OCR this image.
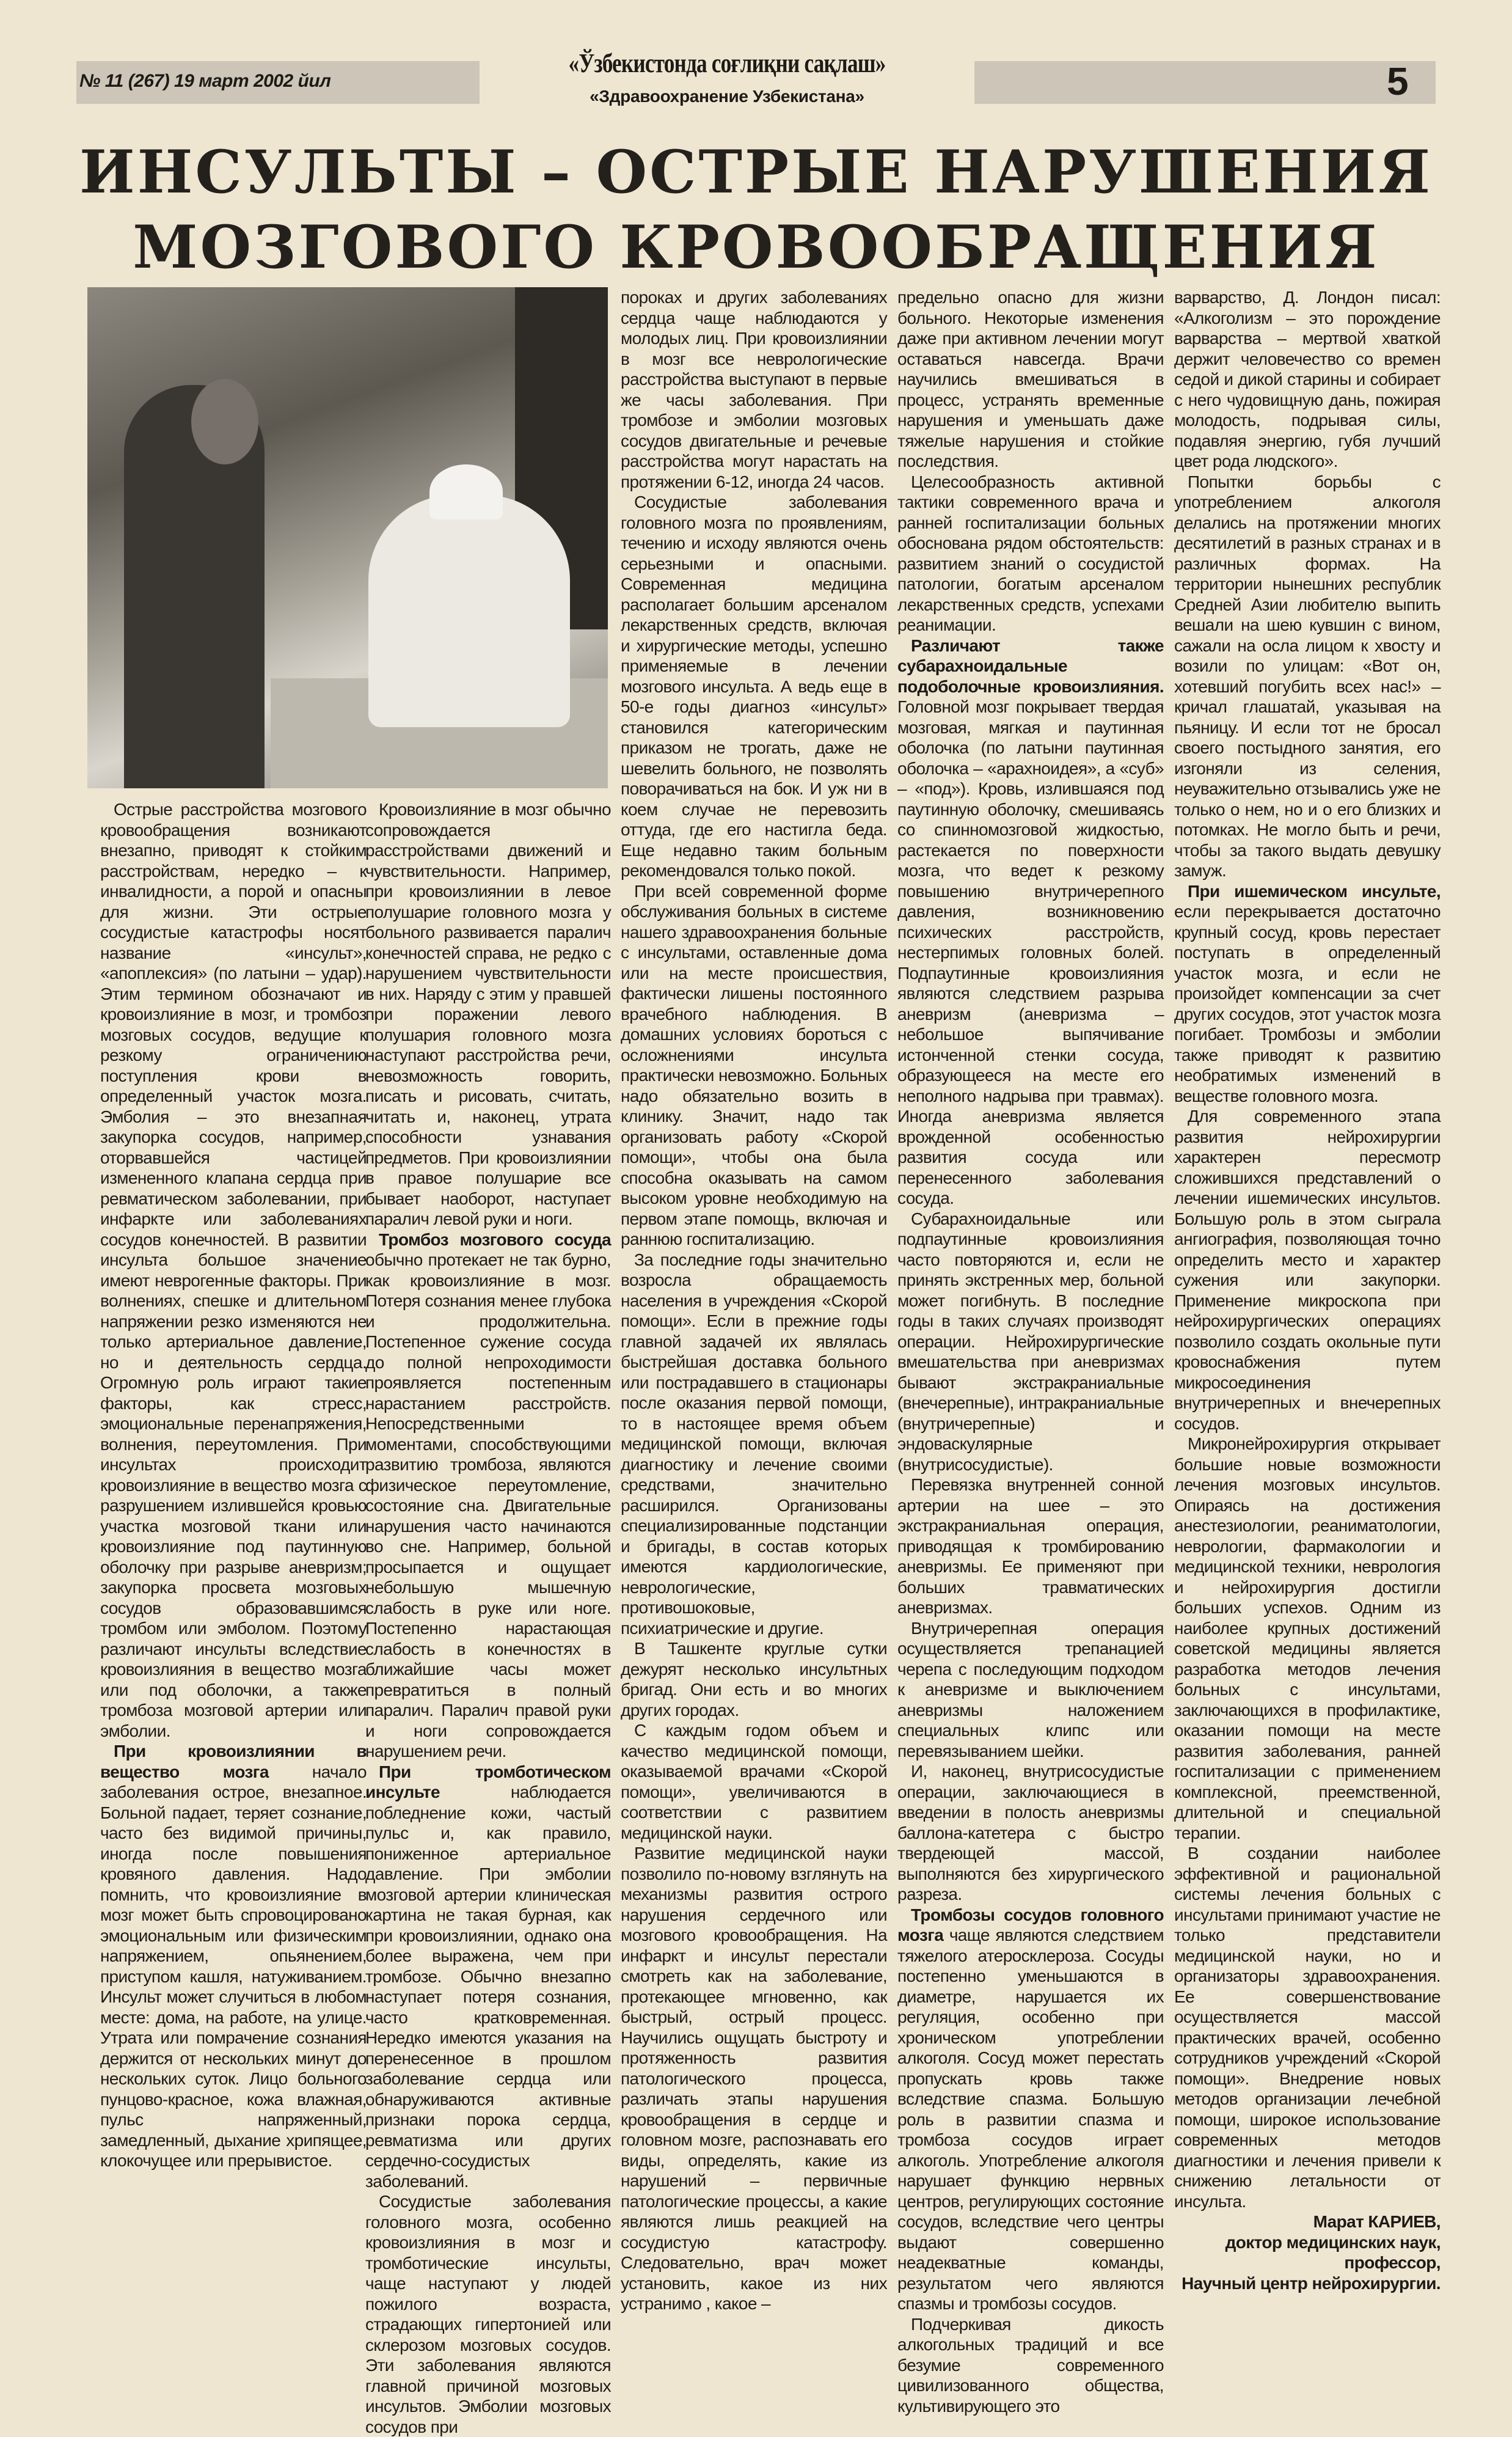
№ 11 (267) 19 март 2002 йил
«Ўзбекистонда соғлиқни сақлаш»
«Здравоохранение Узбекистана»	5
ИНСУЛЬТЫ – ОСТРЫЕ НАРУШЕНИЯ
МОЗГОВОГО КРОВООБРАЩЕНИЯ

Острые расстройства мозгового кровообращения возникают внезапно, приводят к стойким расстройствам, нередко – к инвалидности, а порой и опасны для жизни. Эти острые сосудистые катастрофы носят название «инсульт», «апоплексия» (по латыни – удар). Этим термином обозначают и кровоизлияние в мозг, и тромбоз мозговых сосудов, ведущие к резкому ограничению поступления крови в определенный участок мозга. Эмболия – это внезапная закупорка сосудов, например, оторвавшейся частицей измененного клапана сердца при ревматическом заболевании, при инфаркте или заболеваниях сосудов конечностей. В развитии инсульта большое значение имеют неврогенные факторы. При волнениях, спешке и длительном напряжении резко изменяются не только артериальное давление, но и деятельность сердца. Огромную роль играют такие факторы, как стресс, эмоциональные перенапряжения, волнения, переутомления. При инсультах происходит кровоизлияние в вещество мозга с разрушением излившейся кровью участка мозговой ткани или кровоизлияние под паутинную оболочку при разрыве аневризм; закупорка просвета мозговых сосудов образовавшимся тромбом или эмболом. Поэтому различают инсульты вследствие кровоизлияния в вещество мозга или под оболочки, а также тромбоза мозговой артерии или эмболии.

При кровоизлиянии в вещество мозга начало заболевания острое, внезапное. Больной падает, теряет сознание, часто без видимой причины, иногда после повышения кровяного давления. Надо помнить, что кровоизлияние в мозг может быть спровоцировано эмоциональным или физическим напряжением, опьянением, приступом кашля, натуживанием. Инсульт может случиться в любом месте: дома, на работе, на улице. Утрата или помрачение сознания держится от нескольких минут до нескольких суток. Лицо больного пунцово-красное, кожа влажная, пульс напряженный, замедленный, дыхание хрипящее, клокочущее или прерывистое.

Кровоизлияние в мозг обычно сопровождается расстройствами движений и чувствительности. Например, при кровоизлиянии в левое полушарие головного мозга у больного развивается паралич конечностей справа, не редко с нарушением чувствительности в них. Наряду с этим у правшей при поражении левого полушария головного мозга наступают расстройства речи, невозможность говорить, писать и рисовать, считать, читать и, наконец, утрата способности узнавания предметов. При кровоизлиянии в правое полушарие все бывает наоборот, наступает паралич левой руки и ноги.

Тромбоз мозгового сосуда обычно протекает не так бурно, как кровоизлияние в мозг. Потеря сознания менее глубока и продолжительна. Постепенное сужение сосуда до полной непроходимости проявляется постепенным нарастанием расстройств. Непосредственными моментами, способствующими развитию тромбоза, являются физическое переутомление, состояние сна. Двигательные нарушения часто начинаются во сне. Например, больной просыпается и ощущает небольшую мышечную слабость в руке или ноге. Постепенно нарастающая слабость в конечностях в ближайшие часы может превратиться в полный паралич. Паралич правой руки и ноги сопровождается нарушением речи.

При тромботическом инсульте наблюдается побледнение кожи, частый пульс и, как правило, пониженное артериальное давление. При эмболии мозговой артерии клиническая картина не такая бурная, как при кровоизлиянии, однако она более выражена, чем при тромбозе. Обычно внезапно наступает потеря сознания, часто кратковременная. Нередко имеются указания на перенесенное в прошлом заболевание сердца или обнаруживаются активные признаки порока сердца, ревматизма или других сердечно-сосудистых заболеваний.

Сосудистые заболевания головного мозга, особенно кровоизлияния в мозг и тромботические инсульты, чаще наступают у людей пожилого возраста, страдающих гипертонией или склерозом мозговых сосудов. Эти заболевания являются главной причиной мозговых инсультов. Эмболии мозговых сосудов при

пороках и других заболеваниях сердца чаще наблюдаются у молодых лиц. При кровоизлиянии в мозг все неврологические расстройства выступают в первые же часы заболевания. При тромбозе и эмболии мозговых сосудов двигательные и речевые расстройства могут нарастать на протяжении 6-12, иногда 24 часов.

Сосудистые заболевания головного мозга по проявлениям, течению и исходу являются очень серьезными и опасными. Современная медицина располагает большим арсеналом лекарственных средств, включая и хирургические методы, успешно применяемые в лечении мозгового инсульта. А ведь еще в 50-е годы диагноз «инсульт» становился категорическим приказом не трогать, даже не шевелить больного, не позволять поворачиваться на бок. И уж ни в коем случае не перевозить оттуда, где его настигла беда. Еще недавно таким больным рекомендовался только покой.

При всей современной форме обслуживания больных в системе нашего здравоохранения больные с инсультами, оставленные дома или на месте происшествия, фактически лишены постоянного врачебного наблюдения. В домашних условиях бороться с осложнениями инсульта практически невозможно. Больных надо обязательно возить в клинику. Значит, надо так организовать работу «Скорой помощи», чтобы она была способна оказывать на самом высоком уровне необходимую на первом этапе помощь, включая и раннюю госпитализацию.

За последние годы значительно возросла обращаемость населения в учреждения «Скорой помощи». Если в прежние годы главной задачей их являлась быстрейшая доставка больного или пострадавшего в стационары после оказания первой помощи, то в настоящее время объем медицинской помощи, включая диагностику и лечение своими средствами, значительно расширился. Организованы специализированные подстанции и бригады, в состав которых имеются кардиологические, неврологические, противошоковые, психиатрические и другие.

В Ташкенте круглые сутки дежурят несколько инсультных бригад. Они есть и во многих других городах.

С каждым годом объем и качество медицинской помощи, оказываемой врачами «Скорой помощи», увеличиваются в соответствии с развитием медицинской науки.

Развитие медицинской науки позволило по-новому взглянуть на механизмы развития острого нарушения сердечного или мозгового кровообращения. На инфаркт и инсульт перестали смотреть как на заболевание, протекающее мгновенно, как быстрый, острый процесс. Научились ощущать быстроту и протяженность развития патологического процесса, различать этапы нарушения кровообращения в сердце и головном мозге, распознавать его виды, определять, какие из нарушений – первичные патологические процессы, а какие являются лишь реакцией на сосудистую катастрофу. Следовательно, врач может установить, какое из них устранимо , какое –

предельно опасно для жизни больного. Некоторые изменения даже при активном лечении могут оставаться навсегда. Врачи научились вмешиваться в процесс, устранять временные нарушения и уменьшать даже тяжелые нарушения и стойкие последствия.

Целесообразность активной тактики современного врача и ранней госпитализации больных обоснована рядом обстоятельств: развитием знаний о сосудистой патологии, богатым арсеналом лекарственных средств, успехами реанимации.

Различают также субарахноидальные подоболочные кровоизлияния. Головной мозг покрывает твердая мозговая, мягкая и паутинная оболочка (по латыни паутинная оболочка – «арахноидея», а «суб» – «под»). Кровь, излившаяся под паутинную оболочку, смешиваясь со спинномозговой жидкостью, растекается по поверхности мозга, что ведет к резкому повышению внутричерепного давления, возникновению психических расстройств, нестерпимых головных болей. Подпаутинные кровоизлияния являются следствием разрыва аневризм (аневризма – небольшое выпячивание истонченной стенки сосуда, образующееся на месте его неполного надрыва при травмах). Иногда аневризма является врожденной особенностью развития сосуда или перенесенного заболевания сосуда.

Субарахноидальные или подпаутинные кровоизлияния часто повторяются и, если не принять экстренных мер, больной может погибнуть. В последние годы в таких случаях производят операции. Нейрохирургические вмешательства при аневризмах бывают экстракраниальные (внечерепные), интракраниальные (внутричерепные) и эндоваскулярные (внутрисосудистые).

Перевязка внутренней сонной артерии на шее – это экстракраниальная операция, приводящая к тромбированию аневризмы. Ее применяют при больших травматических аневризмах.

Внутричерепная операция осуществляется трепанацией черепа с последующим подходом к аневризме и выключением аневризмы наложением специальных клипс или перевязыванием шейки.

И, наконец, внутрисосудистые операции, заключающиеся в введении в полость аневризмы баллона-катетера с быстро твердеющей массой, выполняются без хирургического разреза.

Тромбозы сосудов головного мозга чаще являются следствием тяжелого атеросклероза. Сосуды постепенно уменьшаются в диаметре, нарушается их регуляция, особенно при хроническом употреблении алкоголя. Сосуд может перестать пропускать кровь также вследствие спазма. Большую роль в развитии спазма и тромбоза сосудов играет алкоголь. Употребление алкоголя нарушает функцию нервных центров, регулирующих состояние сосудов, вследствие чего центры выдают совершенно неадекватные команды, результатом чего являются спазмы и тромбозы сосудов.

Подчеркивая дикость алкогольных традиций и все безумие современного цивилизованного общества, культивирующего это

варварство, Д. Лондон писал: «Алкоголизм – это порождение варварства – мертвой хваткой держит человечество со времен седой и дикой старины и собирает с него чудовищную дань, пожирая молодость, подрывая силы, подавляя энергию, губя лучший цвет рода людского».

Попытки борьбы с употреблением алкоголя делались на протяжении многих десятилетий в разных странах и в различных формах. На территории нынешних республик Средней Азии любителю выпить вешали на шею кувшин с вином, сажали на осла лицом к хвосту и возили по улицам: «Вот он, хотевший погубить всех нас!» – кричал глашатай, указывая на пьяницу. И если тот не бросал своего постыдного занятия, его изгоняли из селения, неуважительно отзывались уже не только о нем, но и о его близких и потомках. Не могло быть и речи, чтобы за такого выдать девушку замуж.

При ишемическом инсульте, если перекрывается достаточно крупный сосуд, кровь перестает поступать в определенный участок мозга, и если не произойдет компенсации за счет других сосудов, этот участок мозга погибает. Тромбозы и эмболии также приводят к развитию необратимых изменений в веществе головного мозга.

Для современного этапа развития нейрохирургии характерен пересмотр сложившихся представлений о лечении ишемических инсультов. Большую роль в этом сыграла ангиография, позволяющая точно определить место и характер сужения или закупорки. Применение микроскопа при нейрохирургических операциях позволило создать окольные пути кровоснабжения путем микросоединения внутричерепных и внечерепных сосудов.

Микронейрохирургия открывает большие новые возможности лечения мозговых инсультов. Опираясь на достижения анестезиологии, реаниматологии, неврологии, фармакологии и медицинской техники, неврология и нейрохирургия достигли больших успехов. Одним из наиболее крупных достижений советской медицины является разработка методов лечения больных с инсультами, заключающихся в профилактике, оказании помощи на месте развития заболевания, ранней госпитализации с применением комплексной, преемственной, длительной и специальной терапии.

В создании наиболее эффективной и рациональной системы лечения больных с инсультами принимают участие не только представители медицинской науки, но и организаторы здравоохранения. Ее совершенствование осуществляется массой практических врачей, особенно сотрудников учреждений «Скорой помощи». Внедрение новых методов организации лечебной помощи, широкое использование современных методов диагностики и лечения привели к снижению летальности от инсульта.

Марат КАРИЕВ,

доктор медицинских наук, профессор,

Научный центр нейрохирургии.
